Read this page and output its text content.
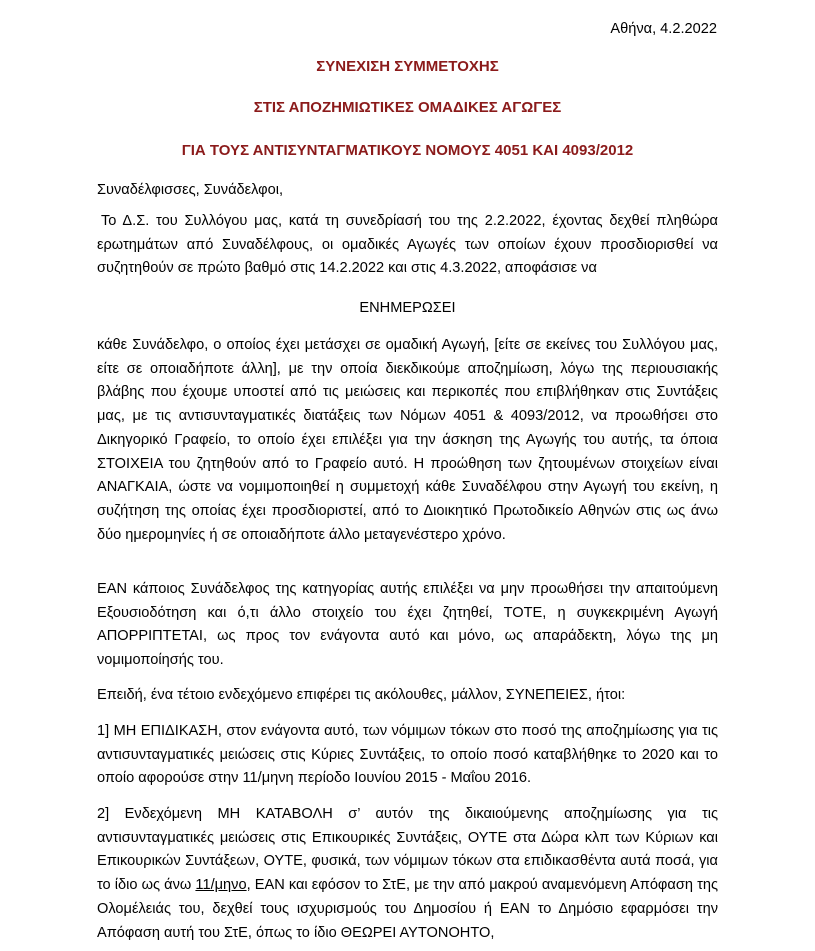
Αθήνα, 4.2.2022

ΣΥΝΕΧΙΣΗ ΣΥΜΜΕΤΟΧΗΣ

ΣΤΙΣ ΑΠΟΖΗΜΙΩΤΙΚΕΣ ΟΜΑΔΙΚΕΣ ΑΓΩΓΕΣ

ΓΙΑ ΤΟΥΣ ΑΝΤΙΣΥΝΤΑΓΜΑΤΙΚΟΥΣ ΝΟΜΟΥΣ 4051 ΚΑΙ 4093/2012

Συναδέλφισσες, Συνάδελφοι,

Το Δ.Σ. του Συλλόγου μας, κατά τη συνεδρίασή του της 2.2.2022, έχοντας δεχθεί πληθώρα ερωτημάτων από Συναδέλφους, οι ομαδικές Αγωγές των οποίων έχουν προσδιορισθεί να συζητηθούν σε πρώτο βαθμό στις 14.2.2022 και στις 4.3.2022, αποφάσισε να

ΕΝΗΜΕΡΩΣΕΙ

κάθε Συνάδελφο, ο οποίος έχει μετάσχει σε ομαδική Αγωγή, [είτε σε εκείνες του Συλλόγου μας, είτε σε οποιαδήποτε άλλη], με την οποία διεκδικούμε αποζημίωση, λόγω της περιουσιακής βλάβης που έχουμε υποστεί από τις μειώσεις και περικοπές που επιβλήθηκαν στις Συντάξεις μας, με τις αντισυνταγματικές διατάξεις των Νόμων 4051 & 4093/2012, να προωθήσει στο Δικηγορικό Γραφείο, το οποίο έχει επιλέξει για την άσκηση της Αγωγής του αυτής, τα όποια ΣΤΟΙΧΕΙΑ του ζητηθούν από το Γραφείο αυτό. Η προώθηση των ζητουμένων στοιχείων είναι ΑΝΑΓΚΑΙΑ, ώστε να νομιμοποιηθεί η συμμετοχή κάθε Συναδέλφου στην Αγωγή του εκείνη, η συζήτηση της οποίας έχει προσδιοριστεί, από το Διοικητικό Πρωτοδικείο Αθηνών στις ως άνω δύο ημερομηνίες ή σε οποιαδήποτε άλλο μεταγενέστερο χρόνο.

ΕΑΝ κάποιος Συνάδελφος της κατηγορίας αυτής επιλέξει να μην προωθήσει την απαιτούμενη Εξουσιοδότηση και ό,τι άλλο στοιχείο του έχει ζητηθεί, ΤΟΤΕ, η συγκεκριμένη Αγωγή ΑΠΟΡΡΙΠΤΕΤΑΙ, ως προς τον ενάγοντα αυτό και μόνο, ως απαράδεκτη, λόγω της μη νομιμοποίησής του.

Επειδή, ένα τέτοιο ενδεχόμενο επιφέρει τις ακόλουθες, μάλλον, ΣΥΝΕΠΕΙΕΣ, ήτοι:

1] ΜΗ ΕΠΙΔΙΚΑΣΗ, στον ενάγοντα αυτό, των νόμιμων τόκων στο ποσό της αποζημίωσης για τις αντισυνταγματικές μειώσεις στις Κύριες Συντάξεις, το οποίο ποσό καταβλήθηκε το 2020 και το οποίο αφορούσε στην 11/μηνη περίοδο Ιουνίου 2015 - Μαΐου 2016.

2] Ενδεχόμενη ΜΗ ΚΑΤΑΒΟΛΗ σ’ αυτόν της δικαιούμενης αποζημίωσης για τις αντισυνταγματικές μειώσεις στις Επικουρικές Συντάξεις, ΟΥΤΕ στα Δώρα κλπ των Κύριων και Επικουρικών Συντάξεων, ΟΥΤΕ, φυσικά, των νόμιμων τόκων στα επιδικασθέντα αυτά ποσά, για το ίδιο ως άνω 11/μηνο, ΕΑΝ και εφόσον το ΣτΕ, με την από μακρού αναμενόμενη Απόφαση της Ολομέλειάς του, δεχθεί τους ισχυρισμούς του Δημοσίου ή ΕΑΝ το Δημόσιο εφαρμόσει την Απόφαση αυτή του ΣτΕ, όπως το ίδιο ΘΕΩΡΕΙ ΑΥΤΟΝΟΗΤΟ,
